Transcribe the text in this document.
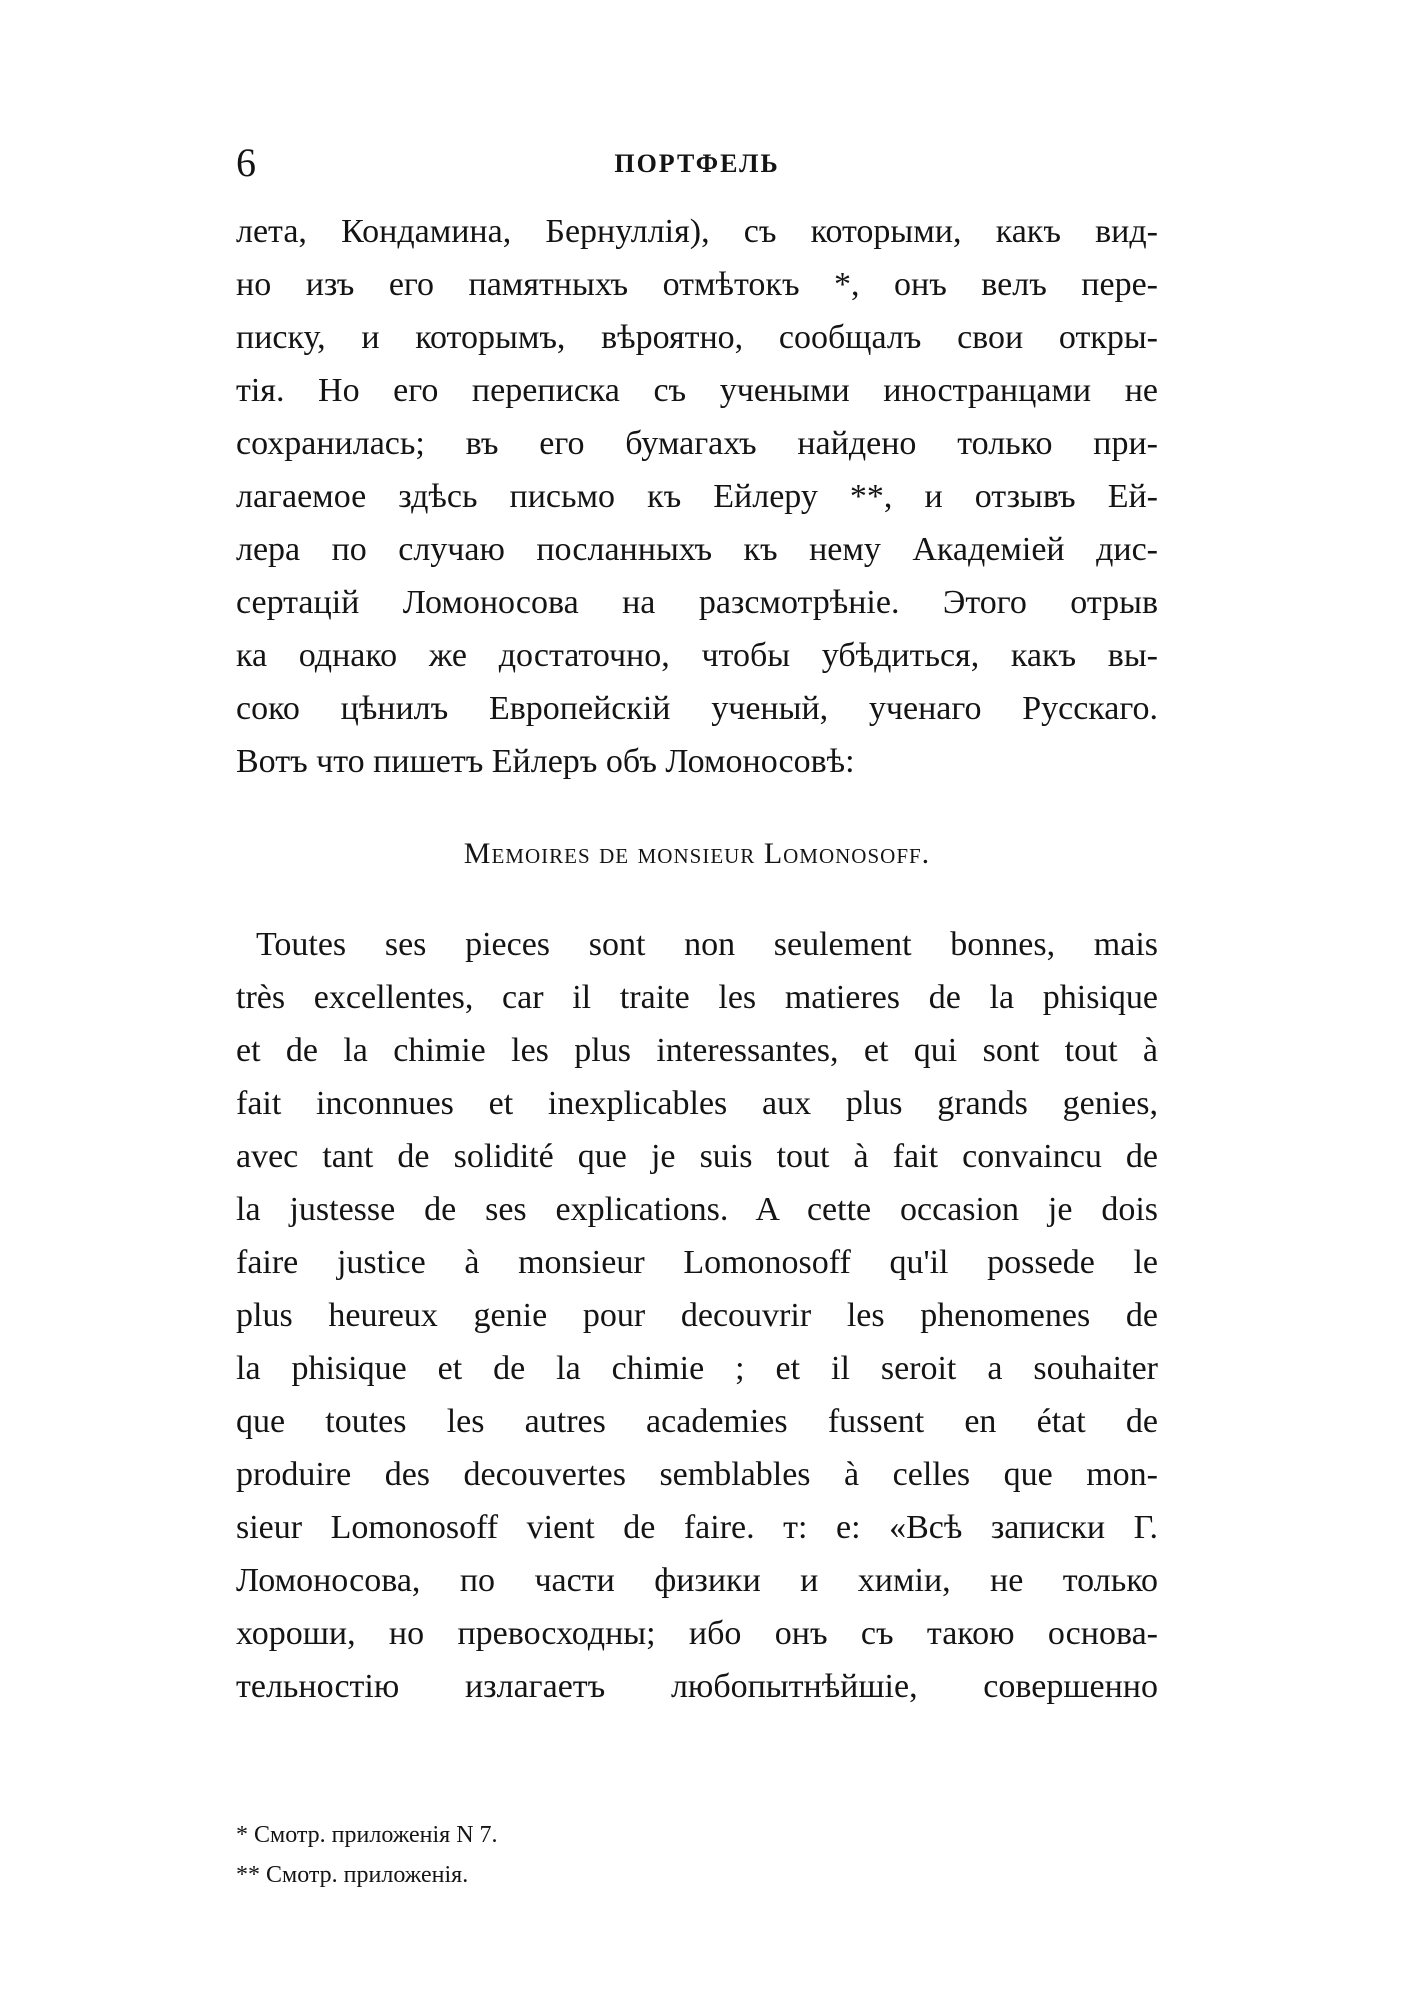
6	ПОРТФЕЛЬ
лета, Кондамина, Бернуллія), съ которыми, какъ вид-
но изъ его памятныхъ отмѣтокъ *, онъ велъ пере-
писку, и которымъ, вѣроятно, сообщалъ свои откры-
тія. Но его переписка съ учеными иностранцами не
сохранилась; въ его бумагахъ найдено только при-
лагаемое здѣсь письмо къ Ейлеру **, и отзывъ Ей-
лера по случаю посланныхъ къ нему Академіей дис-
сертацій Ломоносова на разсмотрѣніе. Этого отрыв
ка однако же достаточно, чтобы убѣдиться, какъ вы-
соко цѣнилъ Европейскій ученый, ученаго Русскаго.
Вотъ что пишетъ Ейлеръ объ Ломоносовѣ:
Memoires de monsieur Lomonosoff.
Toutes ses pieces sont non seulement bonnes, mais
très excellentes, car il traite les matieres de la phisique
et de la chimie les plus interessantes, et qui sont tout à
fait inconnues et inexplicables aux plus grands genies,
avec tant de solidité que je suis tout à fait convaincu de
la justesse de ses explications. A cette occasion je dois
faire justice à monsieur Lomonosoff qu'il possede le
plus heureux genie pour decouvrir les phenomenes de
la phisique et de la chimie ; et il seroit a souhaiter
que toutes les autres academies fussent en état de
produire des decouvertes semblables à celles que mon-
sieur Lomonosoff vient de faire. т: е: «Всѣ записки Г.
Ломоносова, по части физики и химіи, не только
хороши, но превосходны; ибо онъ съ такою основа-
тельностію излагаетъ любопытнѣйшіе, совершенно
* Смотр. приложенія N 7.
** Смотр. приложенія.
